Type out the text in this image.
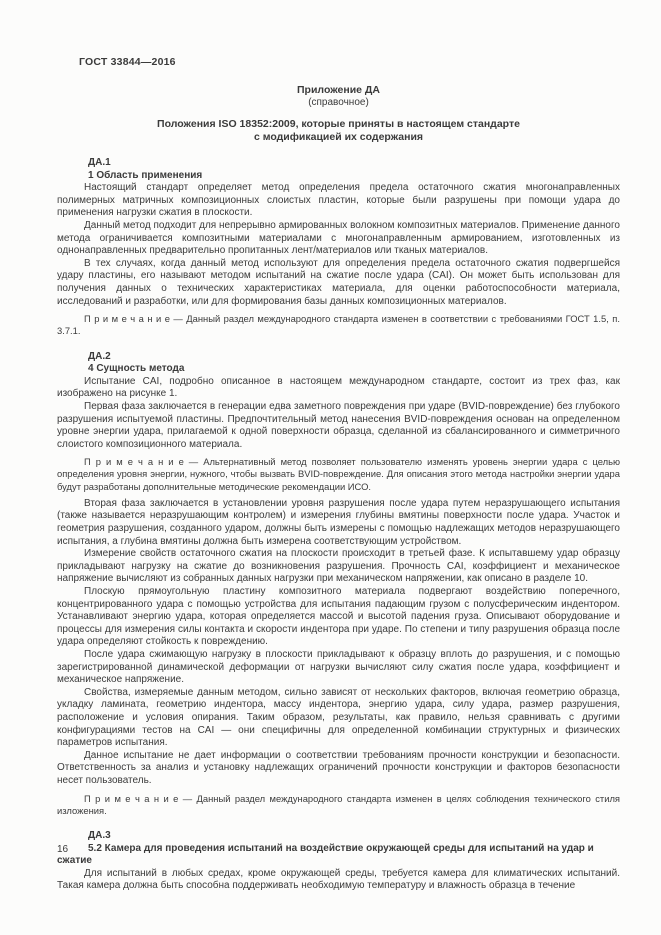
ГОСТ 33844—2016

Приложение ДА

(справочное)

Положения ISO 18352:2009, которые приняты в настоящем стандарте
с модификацией их содержания

ДА.1

1 Область применения

Настоящий стандарт определяет метод определения предела остаточного сжатия многонаправленных полимерных матричных композиционных слоистых пластин, которые были разрушены при помощи удара до применения нагрузки сжатия в плоскости.

Данный метод подходит для непрерывно армированных волокном композитных материалов. Применение данного метода ограничивается композитными материалами с многонаправленным армированием, изготовленных из однонаправленных предварительно пропитанных лент/материалов или тканых материалов.

В тех случаях, когда данный метод используют для определения предела остаточного сжатия подвергшейся удару пластины, его называют методом испытаний на сжатие после удара (CAI). Он может быть использован для получения данных о технических характеристиках материала, для оценки работоспособности материала, исследований и разработки, или для формирования базы данных композиционных материалов.

П р и м е ч а н и е — Данный раздел международного стандарта изменен в соответствии с требованиями ГОСТ 1.5, п. 3.7.1.

ДА.2

4 Сущность метода

Испытание CAI, подробно описанное в настоящем международном стандарте, состоит из трех фаз, как изображено на рисунке 1.

Первая фаза заключается в генерации едва заметного повреждения при ударе (BVID-повреждение) без глубокого разрушения испытуемой пластины. Предпочтительный метод нанесения BVID-повреждения основан на определенном уровне энергии удара, прилагаемой к одной поверхности образца, сделанной из сбалансированного и симметричного слоистого композиционного материала.

П р и м е ч а н и е — Альтернативный метод позволяет пользователю изменять уровень энергии удара с целью определения уровня энергии, нужного, чтобы вызвать BVID-повреждение. Для описания этого метода настройки энергии удара будут разработаны дополнительные методические рекомендации ИСО.

Вторая фаза заключается в установлении уровня разрушения после удара путем неразрушающего испытания (также называется неразрушающим контролем) и измерения глубины вмятины поверхности после удара. Участок и геометрия разрушения, созданного ударом, должны быть измерены с помощью надлежащих методов неразрушающего испытания, а глубина вмятины должна быть измерена соответствующим устройством.

Измерение свойств остаточного сжатия на плоскости происходит в третьей фазе. К испытавшему удар образцу прикладывают нагрузку на сжатие до возникновения разрушения. Прочность CAI, коэффициент и механическое напряжение вычисляют из собранных данных нагрузки при механическом напряжении, как описано в разделе 10.

Плоскую прямоугольную пластину композитного материала подвергают воздействию поперечного, концентрированного удара с помощью устройства для испытания падающим грузом с полусферическим индентором. Устанавливают энергию удара, которая определяется массой и высотой падения груза. Описывают оборудование и процессы для измерения силы контакта и скорости индентора при ударе. По степени и типу разрушения образца после удара определяют стойкость к повреждению.

После удара сжимающую нагрузку в плоскости прикладывают к образцу вплоть до разрушения, и с помощью зарегистрированной динамической деформации от нагрузки вычисляют силу сжатия после удара, коэффициент и механическое напряжение.

Свойства, измеряемые данным методом, сильно зависят от нескольких факторов, включая геометрию образца, укладку ламината, геометрию индентора, массу индентора, энергию удара, силу удара, размер разрушения, расположение и условия опирания. Таким образом, результаты, как правило, нельзя сравнивать с другими конфигурациями тестов на CAI — они специфичны для определенной комбинации структурных и физических параметров испытания.

Данное испытание не дает информации о соответствии требованиям прочности конструкции и безопасности. Ответственность за анализ и установку надлежащих ограничений прочности конструкции и факторов безопасности несет пользователь.

П р и м е ч а н и е — Данный раздел международного стандарта изменен в целях соблюдения технического стиля изложения.

ДА.3

5.2 Камера для проведения испытаний на воздействие окружающей среды для испытаний на удар и сжатие

Для испытаний в любых средах, кроме окружающей среды, требуется камера для климатических испытаний. Такая камера должна быть способна поддерживать необходимую температуру и влажность образца в течение

16
